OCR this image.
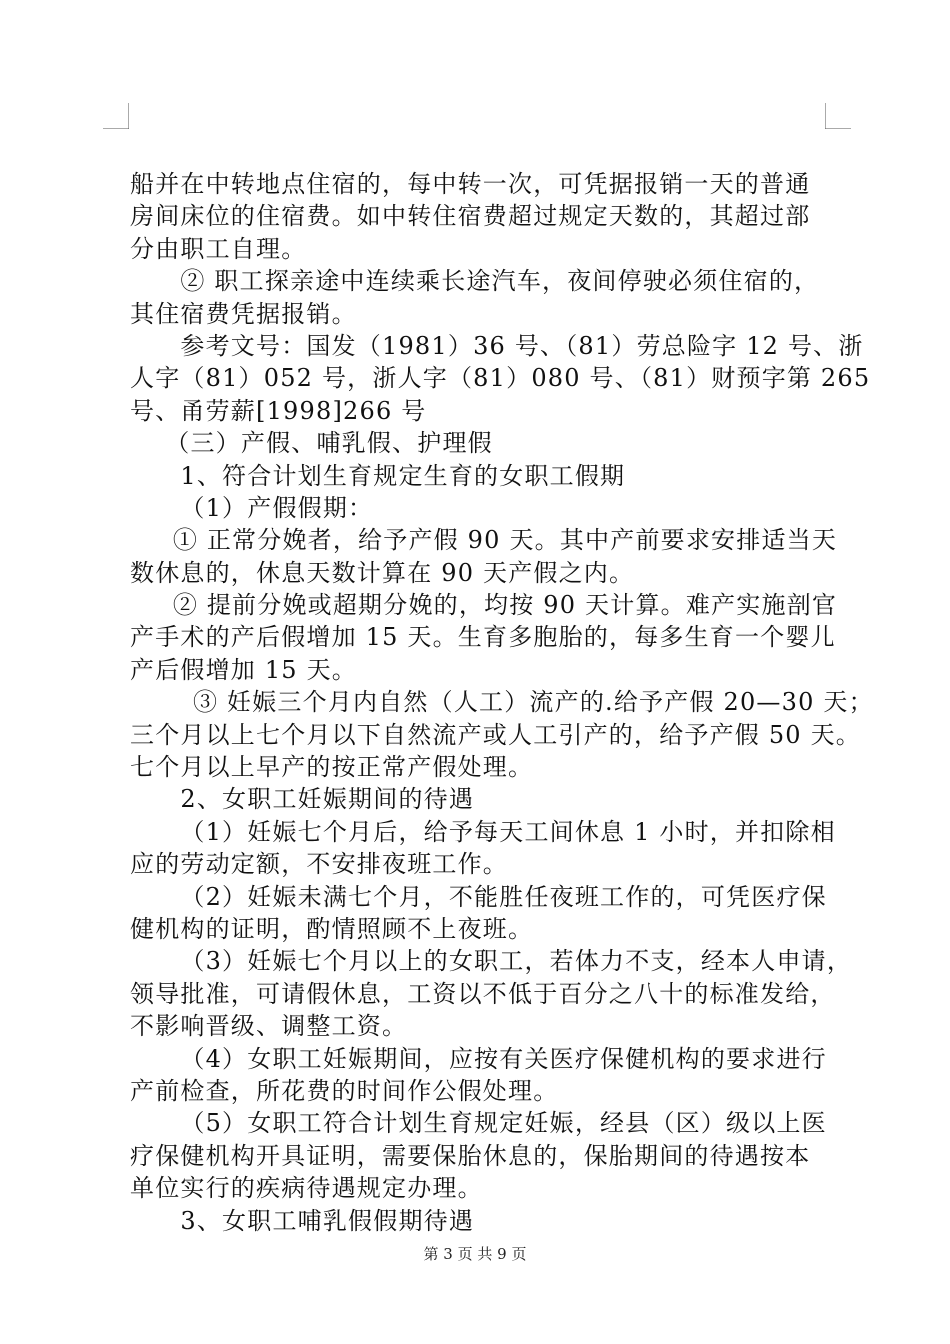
船并在中转地点住宿的，每中转一次，可凭据报销一天的普通
房间床位的住宿费。如中转住宿费超过规定天数的，其超过部
分由职工自理。
② 职工探亲途中连续乘长途汽车，夜间停驶必须住宿的，
其住宿费凭据报销。
参考文号：国发（1981）36 号、（81）劳总险字 12 号、浙
人字（81）052 号，浙人字（81）080 号、（81）财预字第 265
号、甬劳薪[1998]266 号
（三）产假、哺乳假、护理假
1、符合计划生育规定生育的女职工假期
（1）产假假期：
① 正常分娩者，给予产假 90 天。其中产前要求安排适当天
数休息的，休息天数计算在 90 天产假之内。
② 提前分娩或超期分娩的，均按 90 天计算。难产实施剖官
产手术的产后假增加 15 天。生育多胞胎的，每多生育一个婴儿
产后假增加 15 天。
③ 妊娠三个月内自然（人工）流产的.给予产假 20—30 天；
三个月以上七个月以下自然流产或人工引产的，给予产假 50 天。
七个月以上早产的按正常产假处理。
2、女职工妊娠期间的待遇
（1）妊娠七个月后，给予每天工间休息 1 小时，并扣除相
应的劳动定额，不安排夜班工作。
（2）妊娠未满七个月，不能胜任夜班工作的，可凭医疗保
健机构的证明，酌情照顾不上夜班。
（3）妊娠七个月以上的女职工，若体力不支，经本人申请，
领导批准，可请假休息，工资以不低于百分之八十的标准发给，
不影响晋级、调整工资。
（4）女职工妊娠期间，应按有关医疗保健机构的要求进行
产前检查，所花费的时间作公假处理。
（5）女职工符合计划生育规定妊娠，经县（区）级以上医
疗保健机构开具证明，需要保胎休息的，保胎期间的待遇按本
单位实行的疾病待遇规定办理。
3、女职工哺乳假假期待遇
第 3 页 共 9 页
